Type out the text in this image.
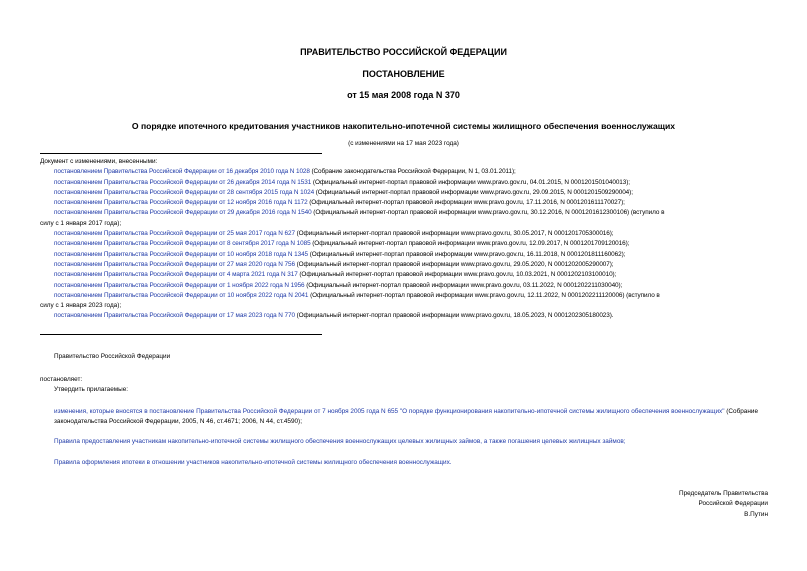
ПРАВИТЕЛЬСТВО РОССИЙСКОЙ ФЕДЕРАЦИИ
ПОСТАНОВЛЕНИЕ
от 15 мая 2008 года N 370
О порядке ипотечного кредитования участников накопительно-ипотечной системы жилищного обеспечения военнослужащих
(с изменениями на 17 мая 2023 года)
Документ с изменениями, внесенными:
постановлением Правительства Российской Федерации от 16 декабря 2010 года N 1028 (Собрание законодательства Российской Федерации, N 1, 03.01.2011);
постановлением Правительства Российской Федерации от 26 декабря 2014 года N 1531 (Официальный интернет-портал правовой информации www.pravo.gov.ru, 04.01.2015, N 0001201501040013);
постановлением Правительства Российской Федерации от 28 сентября 2015 года N 1024 (Официальный интернет-портал правовой информации www.pravo.gov.ru, 29.09.2015, N 0001201509290004);
постановлением Правительства Российской Федерации от 12 ноября 2016 года N 1172 (Официальный интернет-портал правовой информации www.pravo.gov.ru, 17.11.2016, N 0001201611170027);
постановлением Правительства Российской Федерации от 29 декабря 2016 года N 1540 (Официальный интернет-портал правовой информации www.pravo.gov.ru, 30.12.2016, N 0001201612300106) (вступило в
силу с 1 января 2017 года);
постановлением Правительства Российской Федерации от 25 мая 2017 года N 627 (Официальный интернет-портал правовой информации www.pravo.gov.ru, 30.05.2017, N 0001201705300016);
постановлением Правительства Российской Федерации от 8 сентября 2017 года N 1085 (Официальный интернет-портал правовой информации www.pravo.gov.ru, 12.09.2017, N 0001201709120016);
постановлением Правительства Российской Федерации от 10 ноября 2018 года N 1345 (Официальный интернет-портал правовой информации www.pravo.gov.ru, 16.11.2018, N 0001201811160062);
постановлением Правительства Российской Федерации от 27 мая 2020 года N 756 (Официальный интернет-портал правовой информации www.pravo.gov.ru, 29.05.2020, N 0001202005290007);
постановлением Правительства Российской Федерации от 4 марта 2021 года N 317 (Официальный интернет-портал правовой информации www.pravo.gov.ru, 10.03.2021, N 0001202103100010);
постановлением Правительства Российской Федерации от 1 ноября 2022 года N 1956 (Официальный интернет-портал правовой информации www.pravo.gov.ru, 03.11.2022, N 0001202211030040);
постановлением Правительства Российской Федерации от 10 ноября 2022 года N 2041 (Официальный интернет-портал правовой информации www.pravo.gov.ru, 12.11.2022, N 0001202211120006) (вступило в
силу с 1 января 2023 года);
постановлением Правительства Российской Федерации от 17 мая 2023 года N 770 (Официальный интернет-портал правовой информации www.pravo.gov.ru, 18.05.2023, N 0001202305180023).
Правительство Российской Федерации
постановляет:
Утвердить прилагаемые:
изменения, которые вносятся в постановление Правительства Российской Федерации от 7 ноября 2005 года N 655 "О порядке функционирования накопительно-ипотечной системы жилищного обеспечения военнослужащих" (Собрание законодательства Российской Федерации, 2005, N 46, ст.4671; 2006, N 44, ст.4590);
Правила предоставления участникам накопительно-ипотечной системы жилищного обеспечения военнослужащих целевых жилищных займов, а также погашения целевых жилищных займов;
Правила оформления ипотеки в отношении участников накопительно-ипотечной системы жилищного обеспечения военнослужащих.
Председатель Правительства
Российской Федерации
В.Путин
